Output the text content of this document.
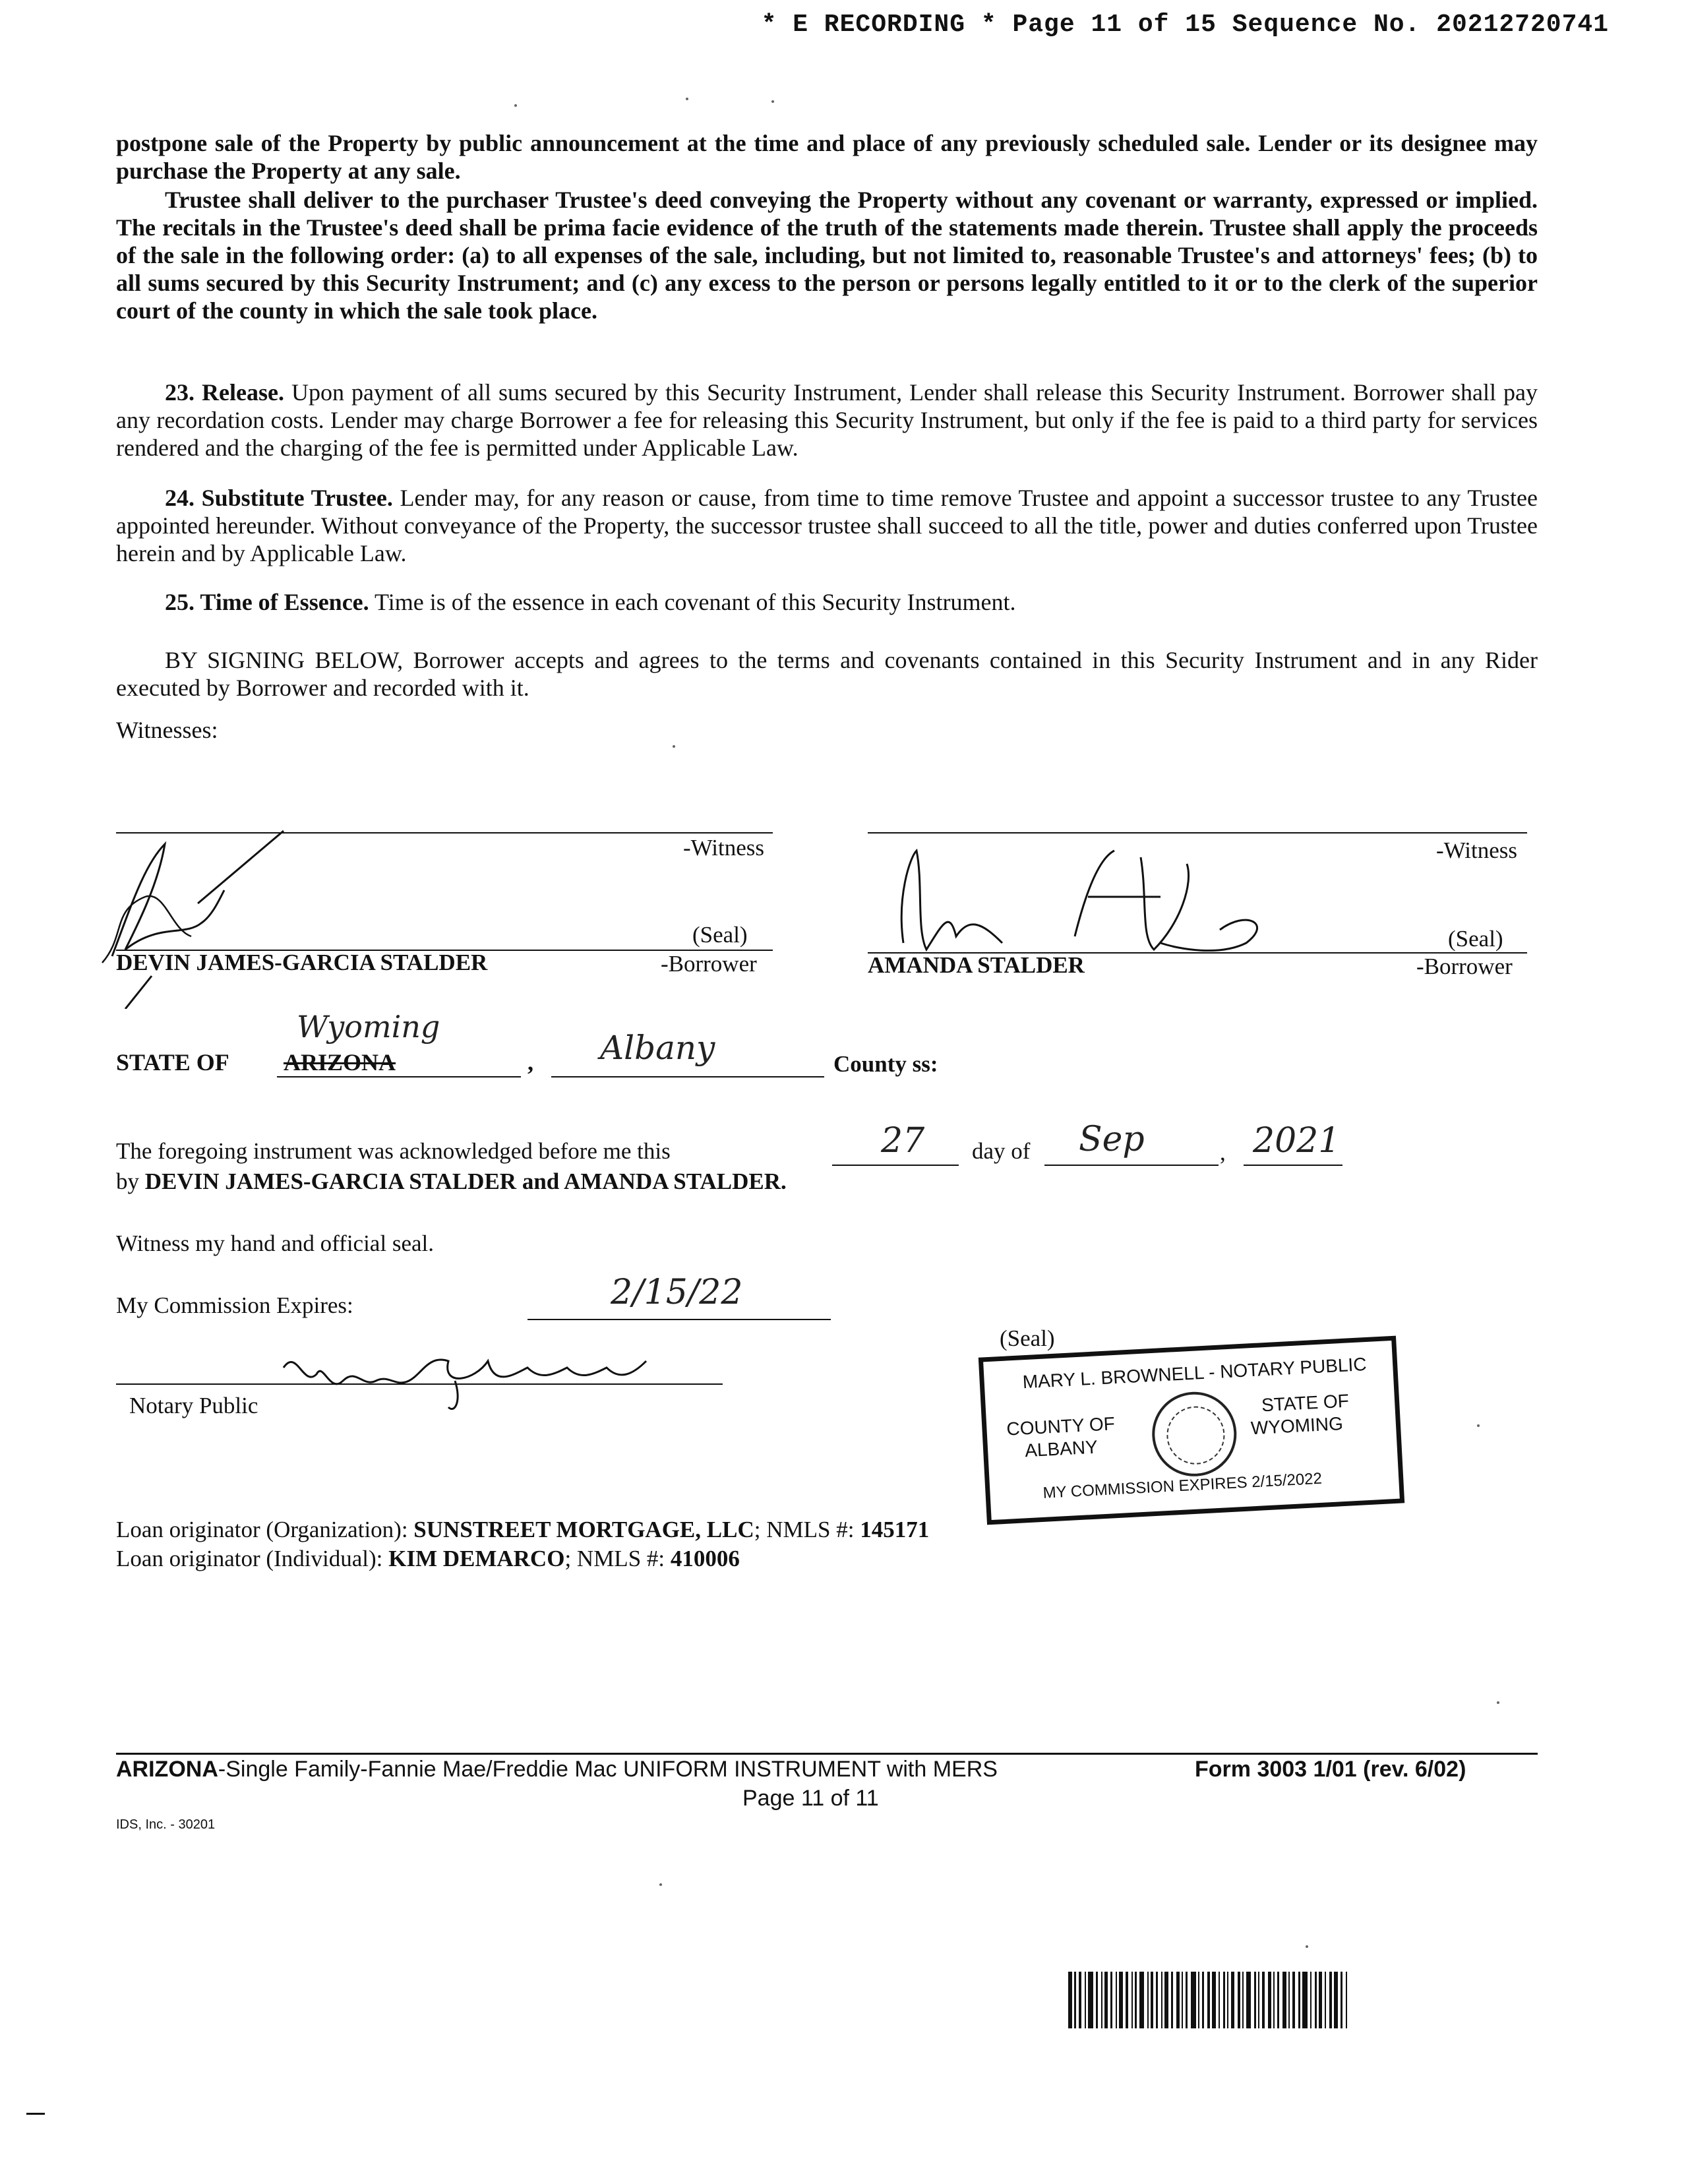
* E RECORDING * Page 11 of 15 Sequence No. 20212720741
postpone sale of the Property by public announcement at the time and place of any previously scheduled sale. Lender or its designee may purchase the Property at any sale.
Trustee shall deliver to the purchaser Trustee's deed conveying the Property without any covenant or warranty, expressed or implied. The recitals in the Trustee's deed shall be prima facie evidence of the truth of the statements made therein. Trustee shall apply the proceeds of the sale in the following order: (a) to all expenses of the sale, including, but not limited to, reasonable Trustee's and attorneys' fees; (b) to all sums secured by this Security Instrument; and (c) any excess to the person or persons legally entitled to it or to the clerk of the superior court of the county in which the sale took place.
23. Release. Upon payment of all sums secured by this Security Instrument, Lender shall release this Security Instrument. Borrower shall pay any recordation costs. Lender may charge Borrower a fee for releasing this Security Instrument, but only if the fee is paid to a third party for services rendered and the charging of the fee is permitted under Applicable Law.
24. Substitute Trustee. Lender may, for any reason or cause, from time to time remove Trustee and appoint a successor trustee to any Trustee appointed hereunder. Without conveyance of the Property, the successor trustee shall succeed to all the title, power and duties conferred upon Trustee herein and by Applicable Law.
25. Time of Essence. Time is of the essence in each covenant of this Security Instrument.
BY SIGNING BELOW, Borrower accepts and agrees to the terms and covenants contained in this Security Instrument and in any Rider executed by Borrower and recorded with it.
Witnesses:
-Witness	-Witness
(Seal)
DEVIN JAMES-GARCIA STALDER	-Borrower
(Seal)
AMANDA STALDER	-Borrower
STATE OF ARIZONA
Wyoming
, Albany	County ss:
The foregoing instrument was acknowledged before me this	27 day of Sep	, 2021
by DEVIN JAMES-GARCIA STALDER and AMANDA STALDER.
Witness my hand and official seal.
My Commission Expires:	2/15/22
Notary Public
(Seal)
MARY L. BROWNELL - NOTARY PUBLIC
COUNTY OF
ALBANY
STATE OF
WYOMING
MY COMMISSION EXPIRES 2/15/2022
Loan originator (Organization): SUNSTREET MORTGAGE, LLC; NMLS #: 145171
Loan originator (Individual): KIM DEMARCO; NMLS #: 410006
ARIZONA-Single Family-Fannie Mae/Freddie Mac UNIFORM INSTRUMENT with MERS	Form 3003 1/01 (rev. 6/02)
Page 11 of 11
IDS, Inc. - 30201
